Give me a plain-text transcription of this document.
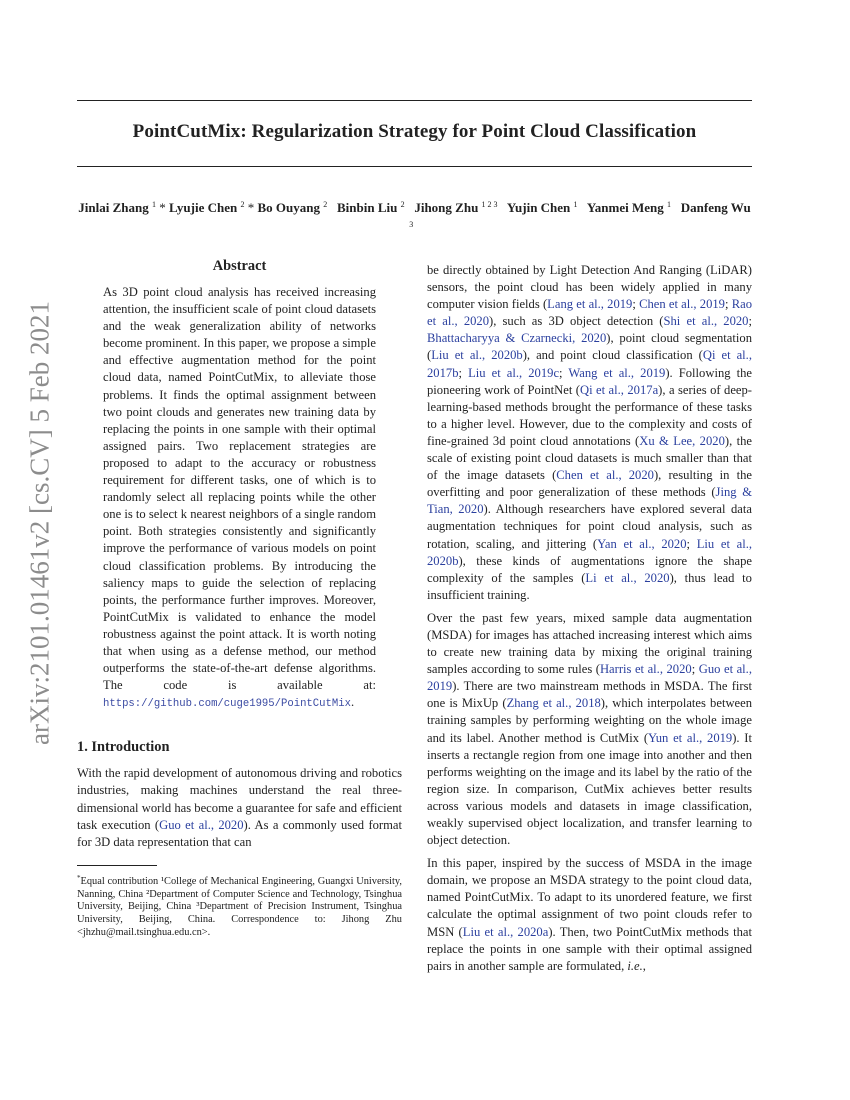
PointCutMix: Regularization Strategy for Point Cloud Classification
Jinlai Zhang $^1$ * Lyujie Chen $^2$ * Bo Ouyang $^2$ Binbin Liu $^2$ Jihong Zhu $^{1 2 3}$ Yujin Chen $^1$ Yanmei Meng $^1$ Danfeng Wu $^3$
arXiv:2101.01461v2 [cs.CV] 5 Feb 2021
Abstract
As 3D point cloud analysis has received increasing attention, the insufficient scale of point cloud datasets and the weak generalization ability of networks become prominent. In this paper, we propose a simple and effective augmentation method for the point cloud data, named PointCutMix, to alleviate those problems. It finds the optimal assignment between two point clouds and generates new training data by replacing the points in one sample with their optimal assigned pairs. Two replacement strategies are proposed to adapt to the accuracy or robustness requirement for different tasks, one of which is to randomly select all replacing points while the other one is to select k nearest neighbors of a single random point. Both strategies consistently and significantly improve the performance of various models on point cloud classification problems. By introducing the saliency maps to guide the selection of replacing points, the performance further improves. Moreover, PointCutMix is validated to enhance the model robustness against the point attack. It is worth noting that when using as a defense method, our method outperforms the state-of-the-art defense algorithms. The code is available at: https://github.com/cuge1995/PointCutMix.
1. Introduction

With the rapid development of autonomous driving and robotics industries, making machines understand the real three-dimensional world has become a guarantee for safe and efficient task execution (Guo et al., 2020). As a commonly used format for 3D data representation that can

*Equal contribution ¹College of Mechanical Engineering, Guangxi University, Nanning, China ²Department of Computer Science and Technology, Tsinghua University, Beijing, China ³Department of Precision Instrument, Tsinghua University, Beijing, China. Correspondence to: Jihong Zhu <jhzhu@mail.tsinghua.edu.cn>.

be directly obtained by Light Detection And Ranging (LiDAR) sensors, the point cloud has been widely applied in many computer vision fields (Lang et al., 2019; Chen et al., 2019; Rao et al., 2020), such as 3D object detection (Shi et al., 2020; Bhattacharyya & Czarnecki, 2020), point cloud segmentation (Liu et al., 2020b), and point cloud classification (Qi et al., 2017b; Liu et al., 2019c; Wang et al., 2019). Following the pioneering work of PointNet (Qi et al., 2017a), a series of deep-learning-based methods brought the performance of these tasks to a higher level. However, due to the complexity and costs of fine-grained 3d point cloud annotations (Xu & Lee, 2020), the scale of existing point cloud datasets is much smaller than that of the image datasets (Chen et al., 2020), resulting in the overfitting and poor generalization of these methods (Jing & Tian, 2020). Although researchers have explored several data augmentation techniques for point cloud analysis, such as rotation, scaling, and jittering (Yan et al., 2020; Liu et al., 2020b), these kinds of augmentations ignore the shape complexity of the samples (Li et al., 2020), thus lead to insufficient training.

Over the past few years, mixed sample data augmentation (MSDA) for images has attached increasing interest which aims to create new training data by mixing the original training samples according to some rules (Harris et al., 2020; Guo et al., 2019). There are two mainstream methods in MSDA. The first one is MixUp (Zhang et al., 2018), which interpolates between training samples by performing weighting on the whole image and its label. Another method is CutMix (Yun et al., 2019). It inserts a rectangle region from one image into another and then performs weighting on the image and its label by the ratio of the region size. In comparison, CutMix achieves better results across various models and datasets in image classification, weakly supervised object localization, and transfer learning to object detection.

In this paper, inspired by the success of MSDA in the image domain, we propose an MSDA strategy to the point cloud data, named PointCutMix. To adapt to its unordered feature, we first calculate the optimal assignment of two point clouds refer to MSN (Liu et al., 2020a). Then, two PointCutMix methods that replace the points in one sample with their optimal assigned pairs in another sample are formulated, i.e.,
